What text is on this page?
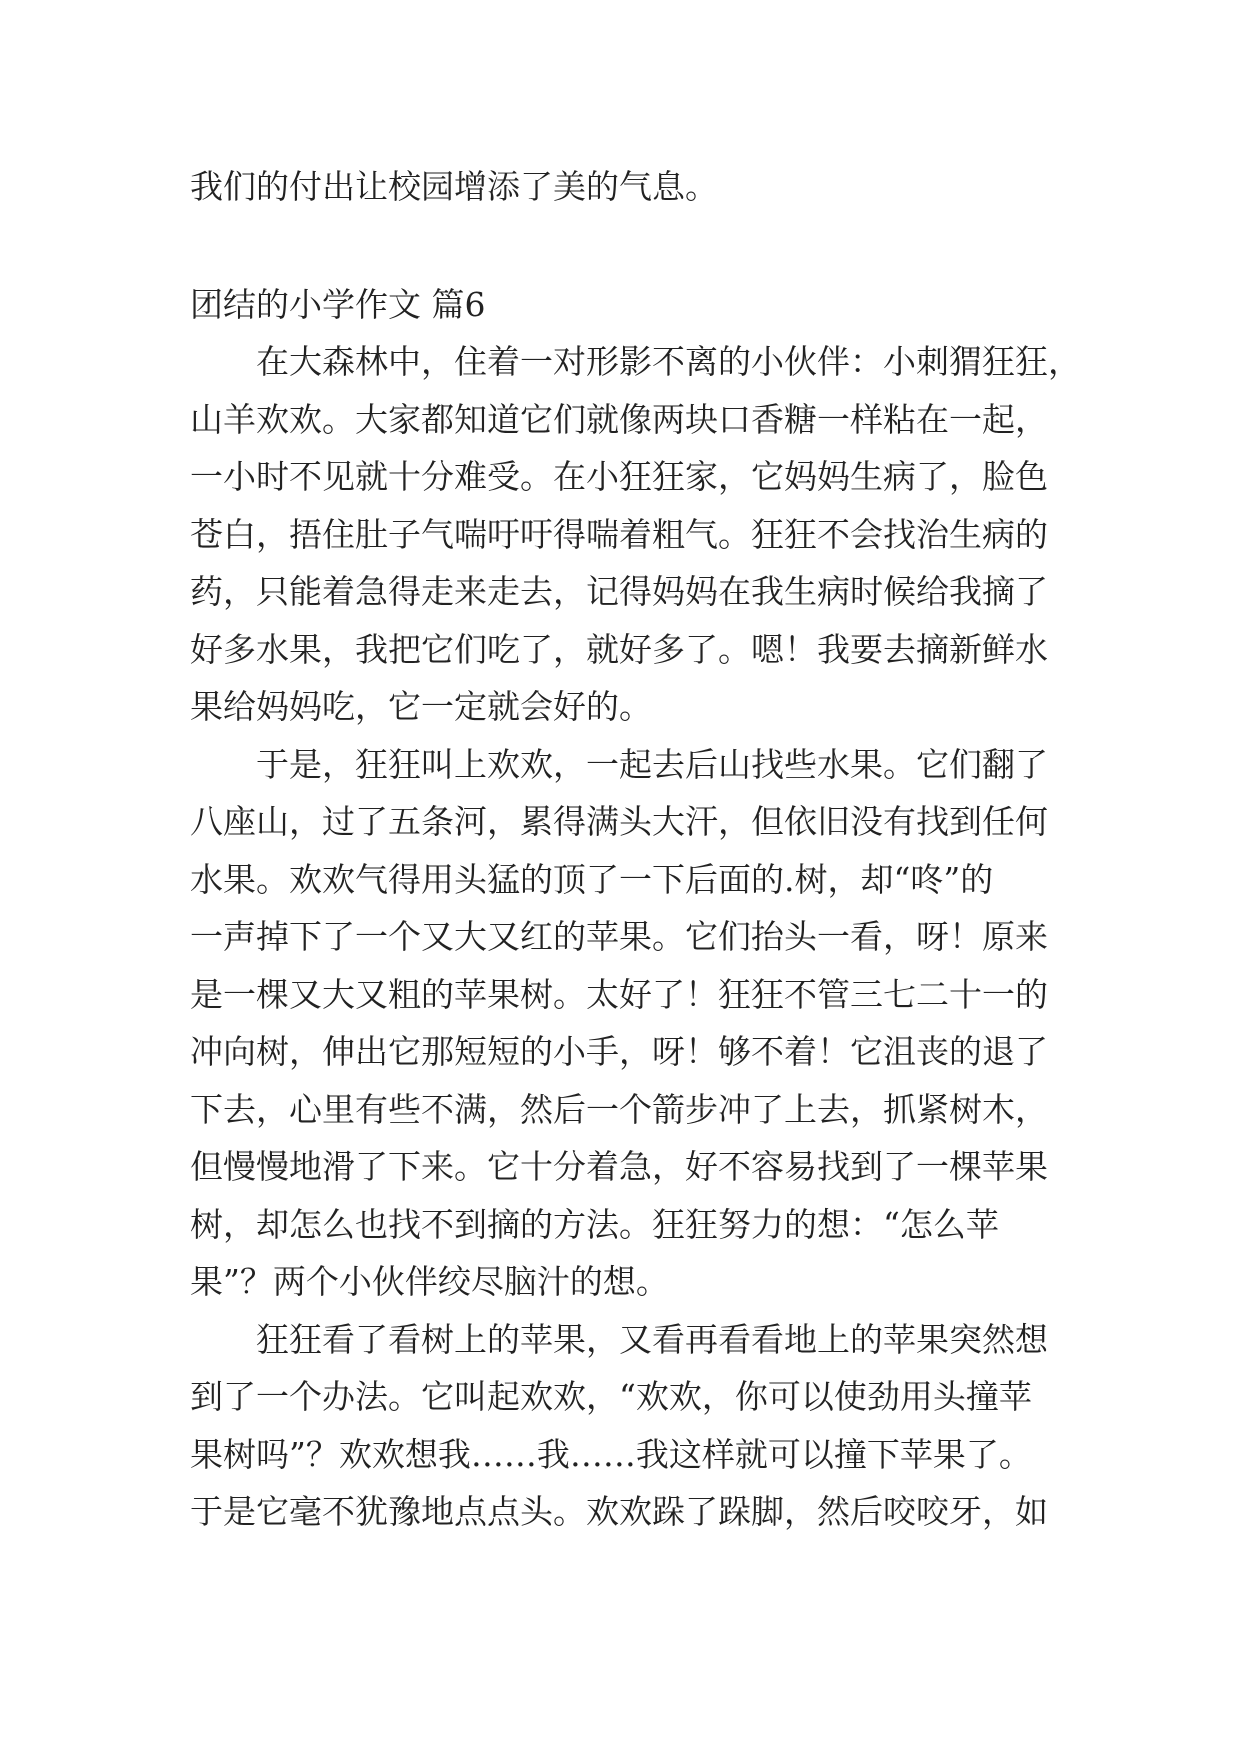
我们的付出让校园增添了美的气息。

团结的小学作文 篇6

在大森林中，住着一对形影不离的小伙伴：小刺猬狂狂，
山羊欢欢。大家都知道它们就像两块口香糖一样粘在一起，
一小时不见就十分难受。在小狂狂家，它妈妈生病了，脸色
苍白，捂住肚子气喘吁吁得喘着粗气。狂狂不会找治生病的
药，只能着急得走来走去，记得妈妈在我生病时候给我摘了
好多水果，我把它们吃了，就好多了。嗯！我要去摘新鲜水
果给妈妈吃，它一定就会好的。

于是，狂狂叫上欢欢，一起去后山找些水果。它们翻了
八座山，过了五条河，累得满头大汗，但依旧没有找到任何
水果。欢欢气得用头猛的顶了一下后面的.树，却“咚”的
一声掉下了一个又大又红的苹果。它们抬头一看，呀！原来
是一棵又大又粗的苹果树。太好了！狂狂不管三七二十一的
冲向树，伸出它那短短的小手，呀！够不着！它沮丧的退了
下去，心里有些不满，然后一个箭步冲了上去，抓紧树木，
但慢慢地滑了下来。它十分着急，好不容易找到了一棵苹果
树，却怎么也找不到摘的方法。狂狂努力的想：“怎么苹
果”？两个小伙伴绞尽脑汁的想。

狂狂看了看树上的苹果，又看再看看地上的苹果突然想
到了一个办法。它叫起欢欢，“欢欢，你可以使劲用头撞苹
果树吗”？欢欢想我……我……我这样就可以撞下苹果了。
于是它毫不犹豫地点点头。欢欢跺了跺脚，然后咬咬牙，如
